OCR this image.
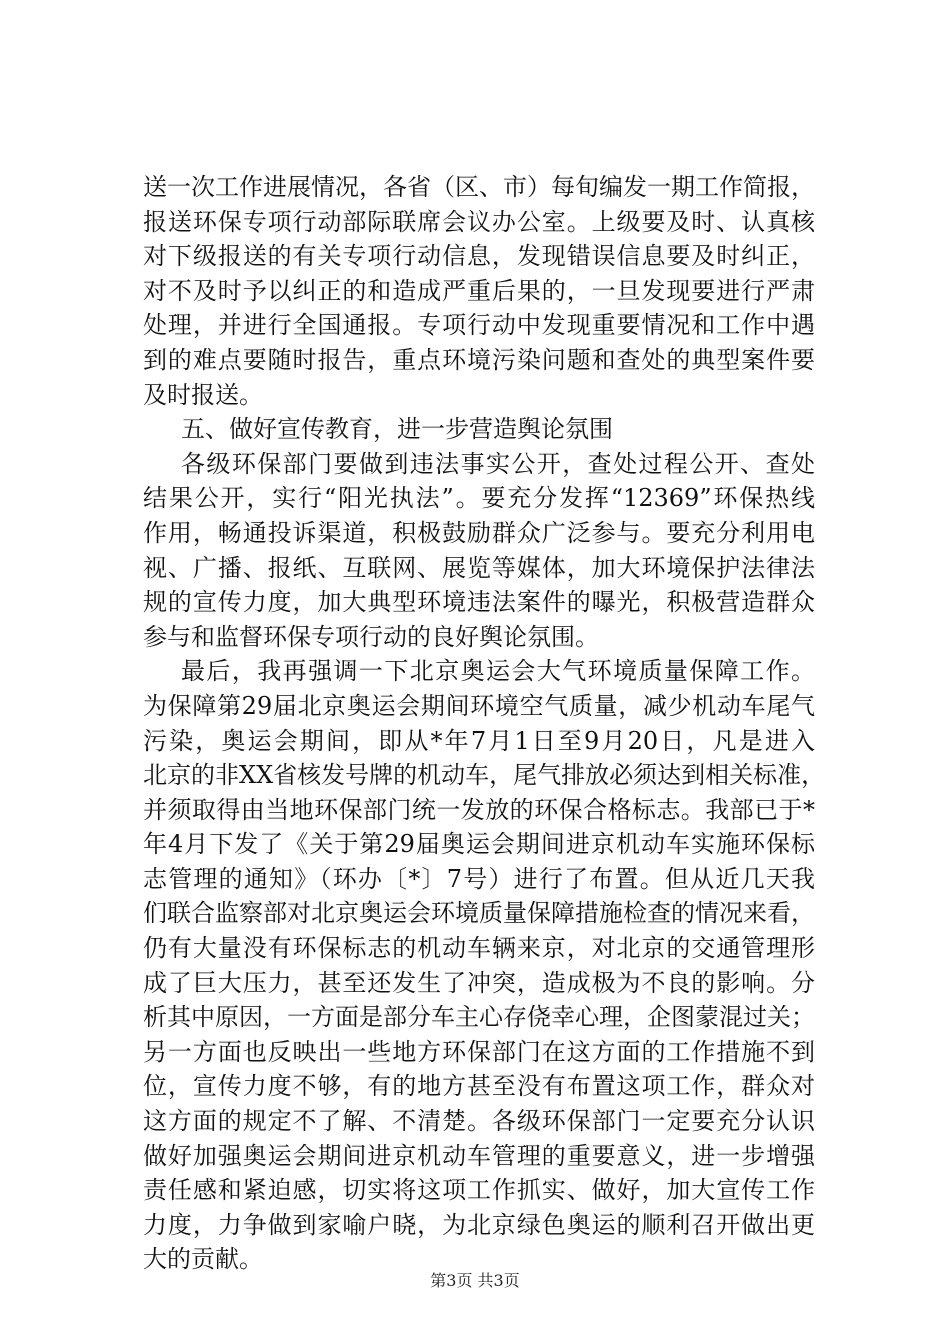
送一次工作进展情况，各省（区、市）每旬编发一期工作简报，
报送环保专项行动部际联席会议办公室。上级要及时、认真核
对下级报送的有关专项行动信息，发现错误信息要及时纠正，
对不及时予以纠正的和造成严重后果的，一旦发现要进行严肃
处理，并进行全国通报。专项行动中发现重要情况和工作中遇
到的难点要随时报告，重点环境污染问题和查处的典型案件要
及时报送。
五、做好宣传教育，进一步营造舆论氛围
各级环保部门要做到违法事实公开，查处过程公开、查处
结果公开，实行“阳光执法”。要充分发挥“12369”环保热线
作用，畅通投诉渠道，积极鼓励群众广泛参与。要充分利用电
视、广播、报纸、互联网、展览等媒体，加大环境保护法律法
规的宣传力度，加大典型环境违法案件的曝光，积极营造群众
参与和监督环保专项行动的良好舆论氛围。
最后，我再强调一下北京奥运会大气环境质量保障工作。
为保障第29届北京奥运会期间环境空气质量，减少机动车尾气
污染，奥运会期间，即从*年7月1日至9月20日，凡是进入
北京的非XX省核发号牌的机动车，尾气排放必须达到相关标准，
并须取得由当地环保部门统一发放的环保合格标志。我部已于*
年4月下发了《关于第29届奥运会期间进京机动车实施环保标
志管理的通知》（环办〔*〕7号）进行了布置。但从近几天我
们联合监察部对北京奥运会环境质量保障措施检查的情况来看，
仍有大量没有环保标志的机动车辆来京，对北京的交通管理形
成了巨大压力，甚至还发生了冲突，造成极为不良的影响。分
析其中原因，一方面是部分车主心存侥幸心理，企图蒙混过关；
另一方面也反映出一些地方环保部门在这方面的工作措施不到
位，宣传力度不够，有的地方甚至没有布置这项工作，群众对
这方面的规定不了解、不清楚。各级环保部门一定要充分认识
做好加强奥运会期间进京机动车管理的重要意义，进一步增强
责任感和紧迫感，切实将这项工作抓实、做好，加大宣传工作
力度，力争做到家喻户晓，为北京绿色奥运的顺利召开做出更
大的贡献。
第3页 共3页
